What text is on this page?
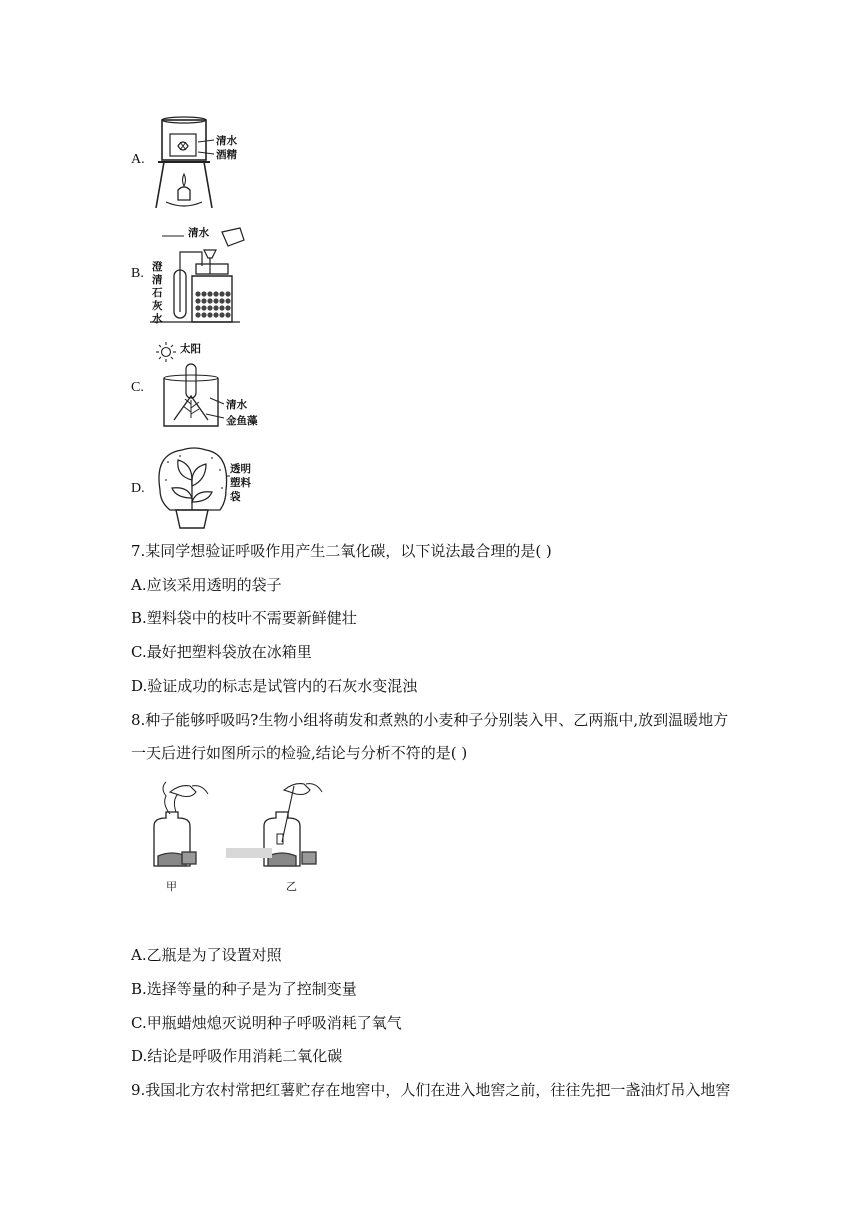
A.
清水
酒精
B.
清水
澄
清
石
灰
水
C.
太阳
清水
金鱼藻
D.
透明
塑料
袋
7.某同学想验证呼吸作用产生二氧化碳，以下说法最合理的是( )
A.应该采用透明的袋子
B.塑料袋中的枝叶不需要新鲜健壮
C.最好把塑料袋放在冰箱里
D.验证成功的标志是试管内的石灰水变混浊
8.种子能够呼吸吗?生物小组将萌发和煮熟的小麦种子分别装入甲、乙两瓶中,放到温暖地方
一天后进行如图所示的检验,结论与分析不符的是( )
甲	乙
A.乙瓶是为了设置对照
B.选择等量的种子是为了控制变量
C.甲瓶蜡烛熄灭说明种子呼吸消耗了氧气
D.结论是呼吸作用消耗二氧化碳
9.我国北方农村常把红薯贮存在地窖中，人们在进入地窖之前，往往先把一盏油灯吊入地窖
